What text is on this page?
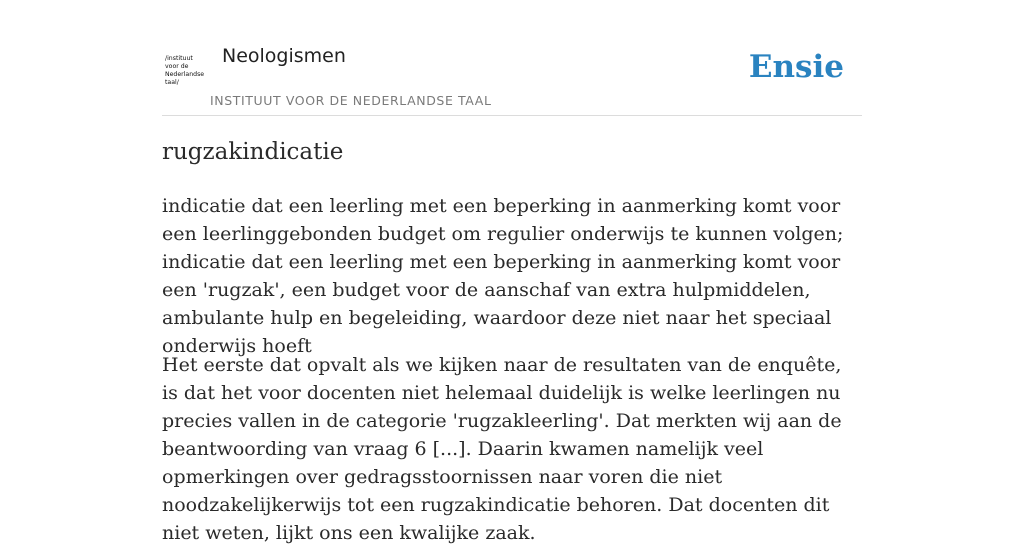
/instituut
voor de
Nederlandse
taal/
Neologismen
INSTITUUT VOOR DE NEDERLANDSE TAAL
Ensie
rugzakindicatie

indicatie dat een leerling met een beperking in aanmerking komt voor een leerlinggebonden budget om regulier onderwijs te kunnen volgen; indicatie dat een leerling met een beperking in aanmerking komt voor een 'rugzak', een budget voor de aanschaf van extra hulpmiddelen, ambulante hulp en begeleiding, waardoor deze niet naar het speciaal onderwijs hoeft

Het eerste dat opvalt als we kijken naar de resultaten van de enquête, is dat het voor docenten niet helemaal duidelijk is welke leerlingen nu precies vallen in de categorie 'rugzakleerling'. Dat merkten wij aan de beantwoording van vraag 6 [...]. Daarin kwamen namelijk veel opmerkingen over gedragsstoornissen naar voren die niet noodzakelijkerwijs tot een rugzakindicatie behoren. Dat docenten dit niet weten, lijkt ons een kwalijke zaak.
